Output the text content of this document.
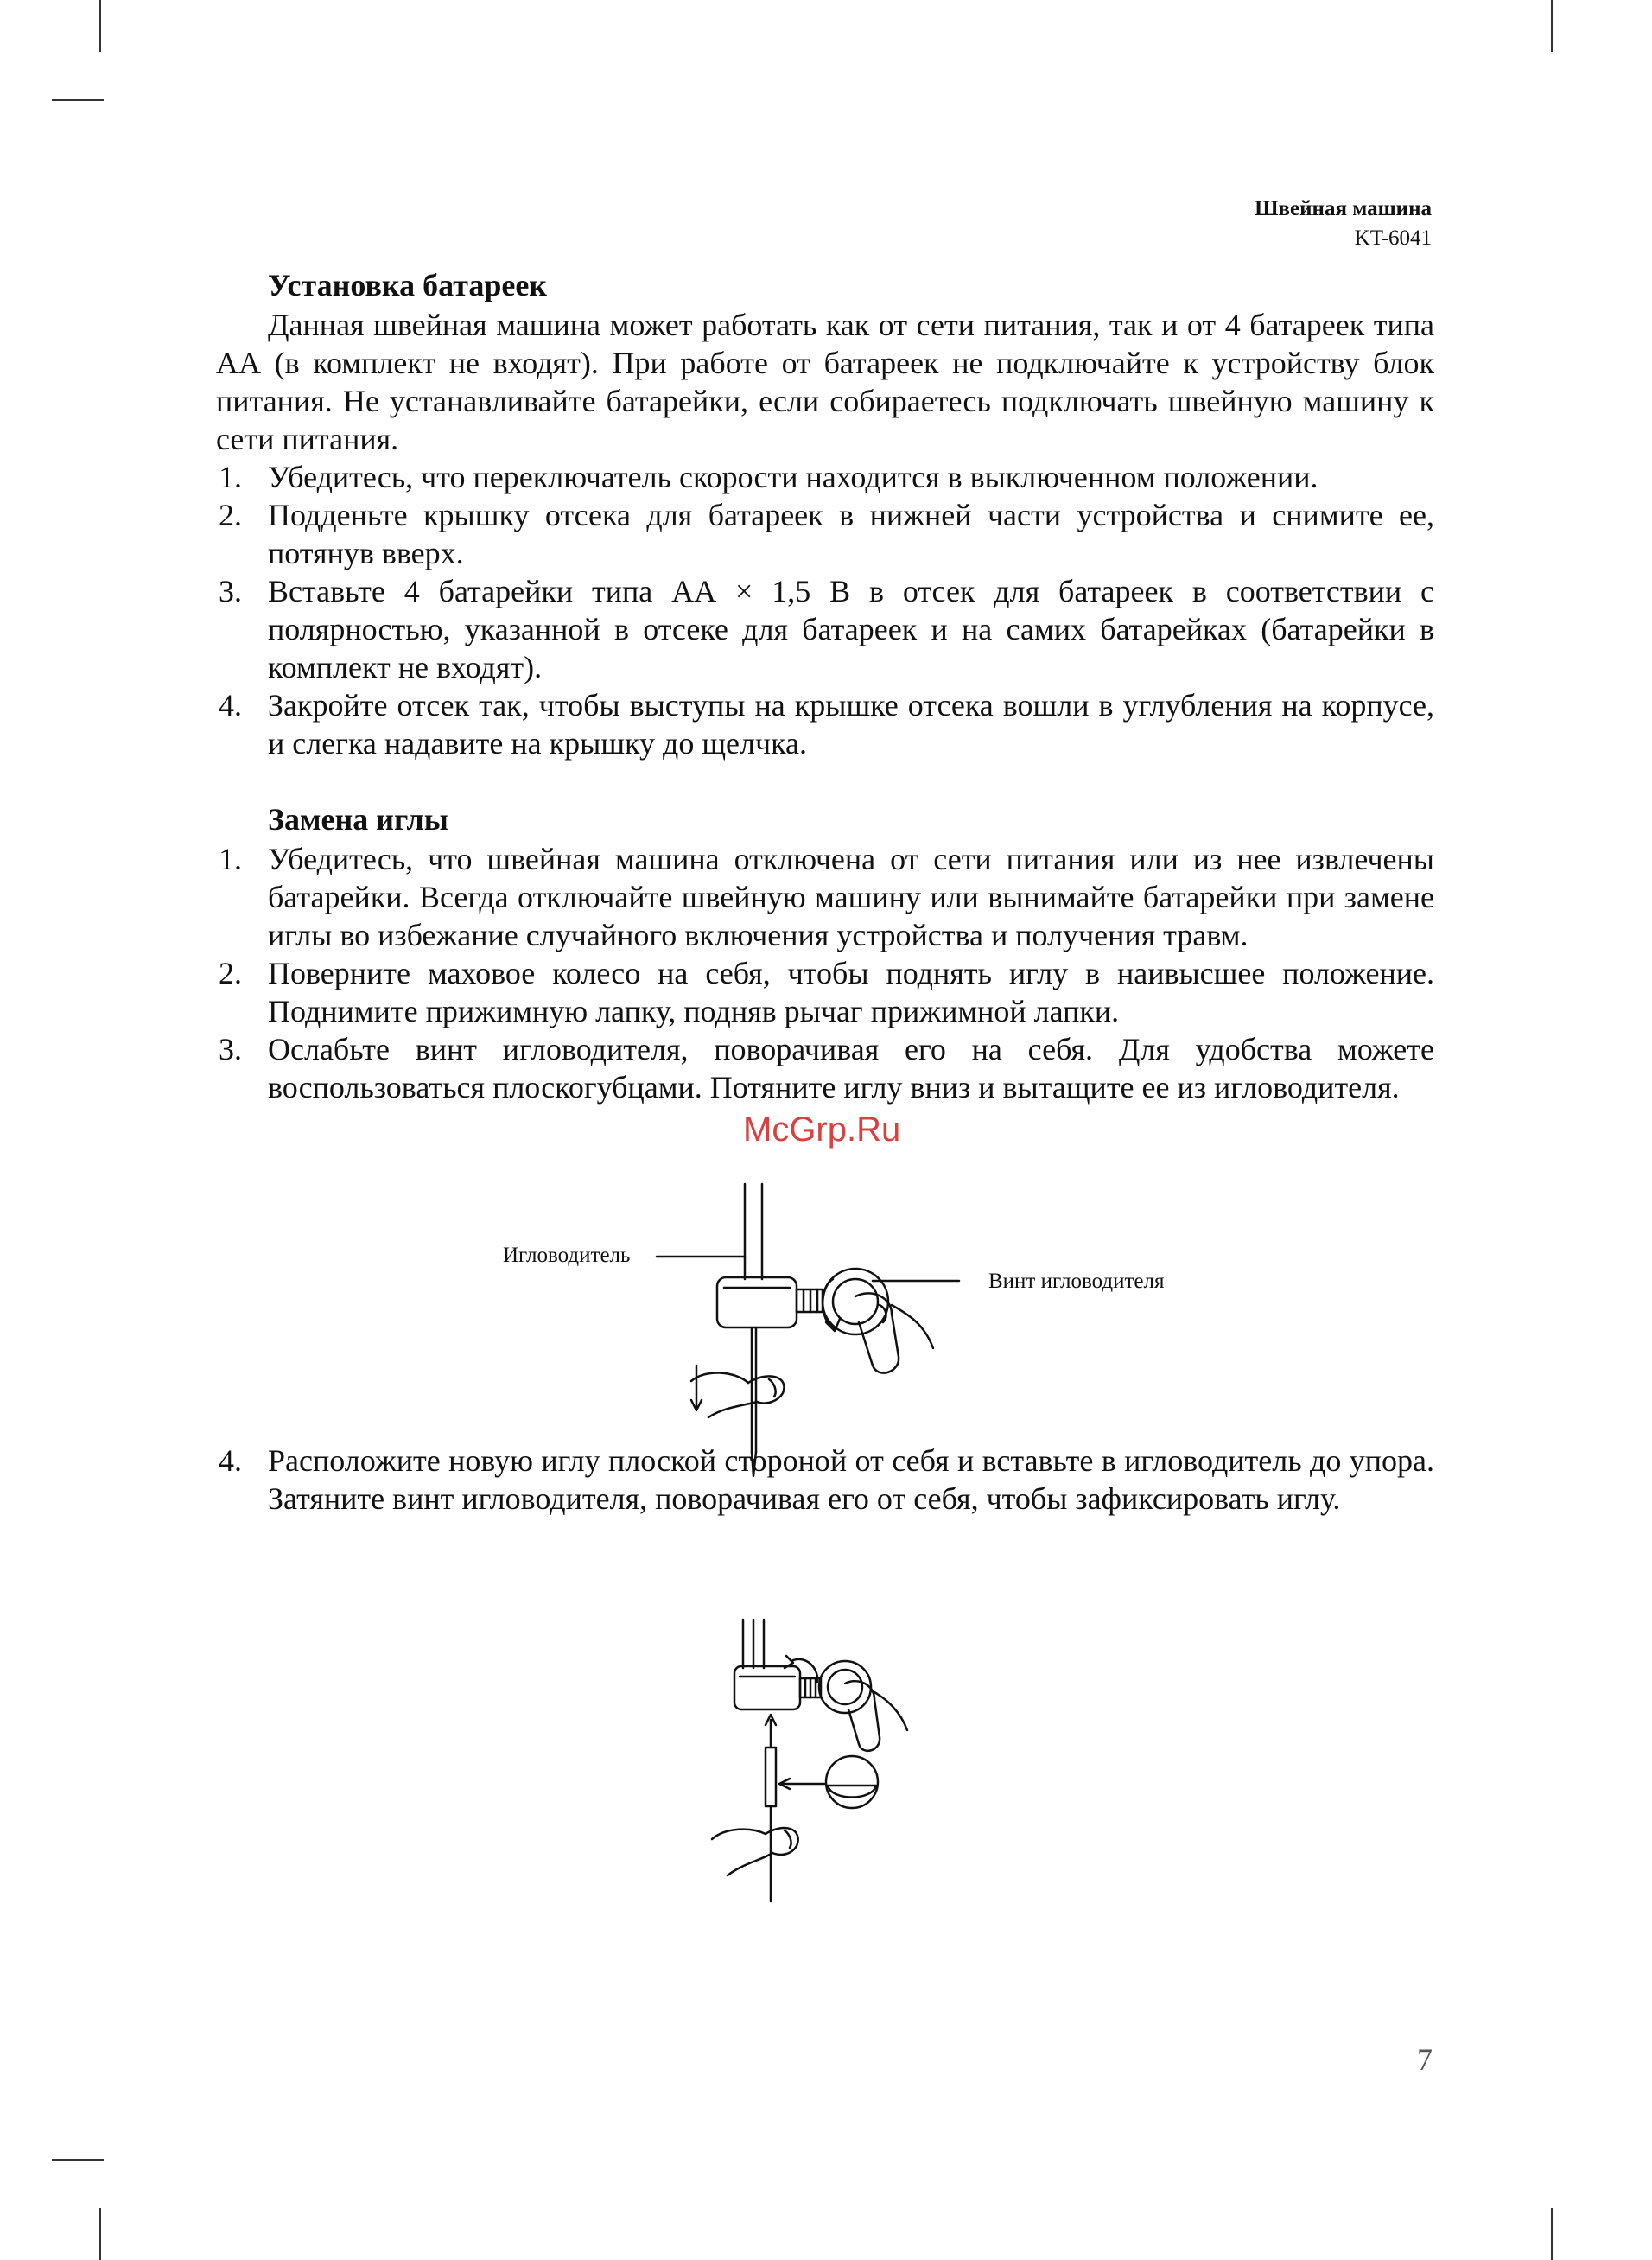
Швейная машина
KT-6041
Установка батареек

Данная швейная машина может работать как от сети питания, так и от 4 батареек типа АА (в комплект не входят). При работе от батареек не подключайте к устройству блок питания. Не устанавливайте батарейки, если собираетесь подключать швейную машину к сети питания.

1. Убедитесь, что переключатель скорости находится в выключенном положении.
2. Подденьте крышку отсека для батареек в нижней части устройства и снимите ее, потянув вверх.
3. Вставьте 4 батарейки типа АА × 1,5 В в отсек для батареек в соответствии с полярностью, указанной в отсеке для батареек и на самих батарейках (батарейки в комплект не входят).
4. Закройте отсек так, чтобы выступы на крышке отсека вошли в углубления на корпусе, и слегка надавите на крышку до щелчка.
Замена иглы
1. Убедитесь, что швейная машина отключена от сети питания или из нее извлечены батарейки. Всегда отключайте швейную машину или вынимайте батарейки при замене иглы во избежание случайного включения устройства и получения травм.
2. Поверните маховое колесо на себя, чтобы поднять иглу в наивысшее положение. Поднимите прижимную лапку, подняв рычаг прижимной лапки.
3. Ослабьте винт игловодителя, поворачивая его на себя. Для удобства можете воспользоваться плоскогубцами. Потяните иглу вниз и вытащите ее из игловодителя.
4. Расположите новую иглу плоской стороной от себя и вставьте в игловодитель до упора. Затяните винт игловодителя, поворачивая его от себя, чтобы зафиксировать иглу.
Игловодитель
Винт игловодителя
McGrp.Ru
7
